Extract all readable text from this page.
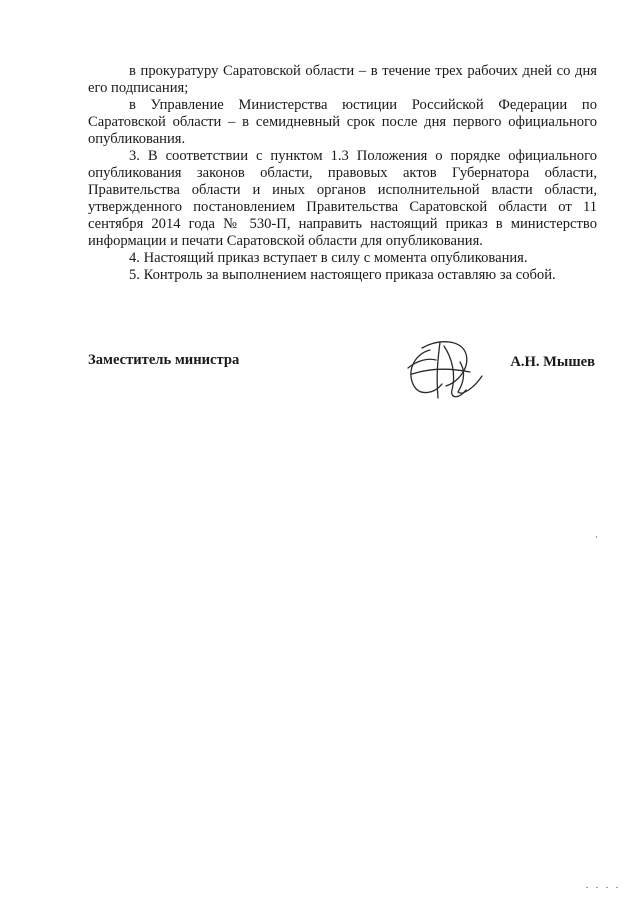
в прокуратуру Саратовской области – в течение трех рабочих дней со дня его подписания;

в Управление Министерства юстиции Российской Федерации по Саратовской области – в семидневный срок после дня первого официального опубликования.

3. В соответствии с пунктом 1.3 Положения о порядке официального опубликования законов области, правовых актов Губернатора области, Правительства области и иных органов исполнительной власти области, утвержденного постановлением Правительства Саратовской области от 11 сентября 2014 года № 530-П, направить настоящий приказ в министерство информации и печати Саратовской области для опубликования.

4. Настоящий приказ вступает в силу с момента опубликования.

5. Контроль за выполнением настоящего приказа оставляю за собой.

Заместитель министра	А.Н. Мышев
